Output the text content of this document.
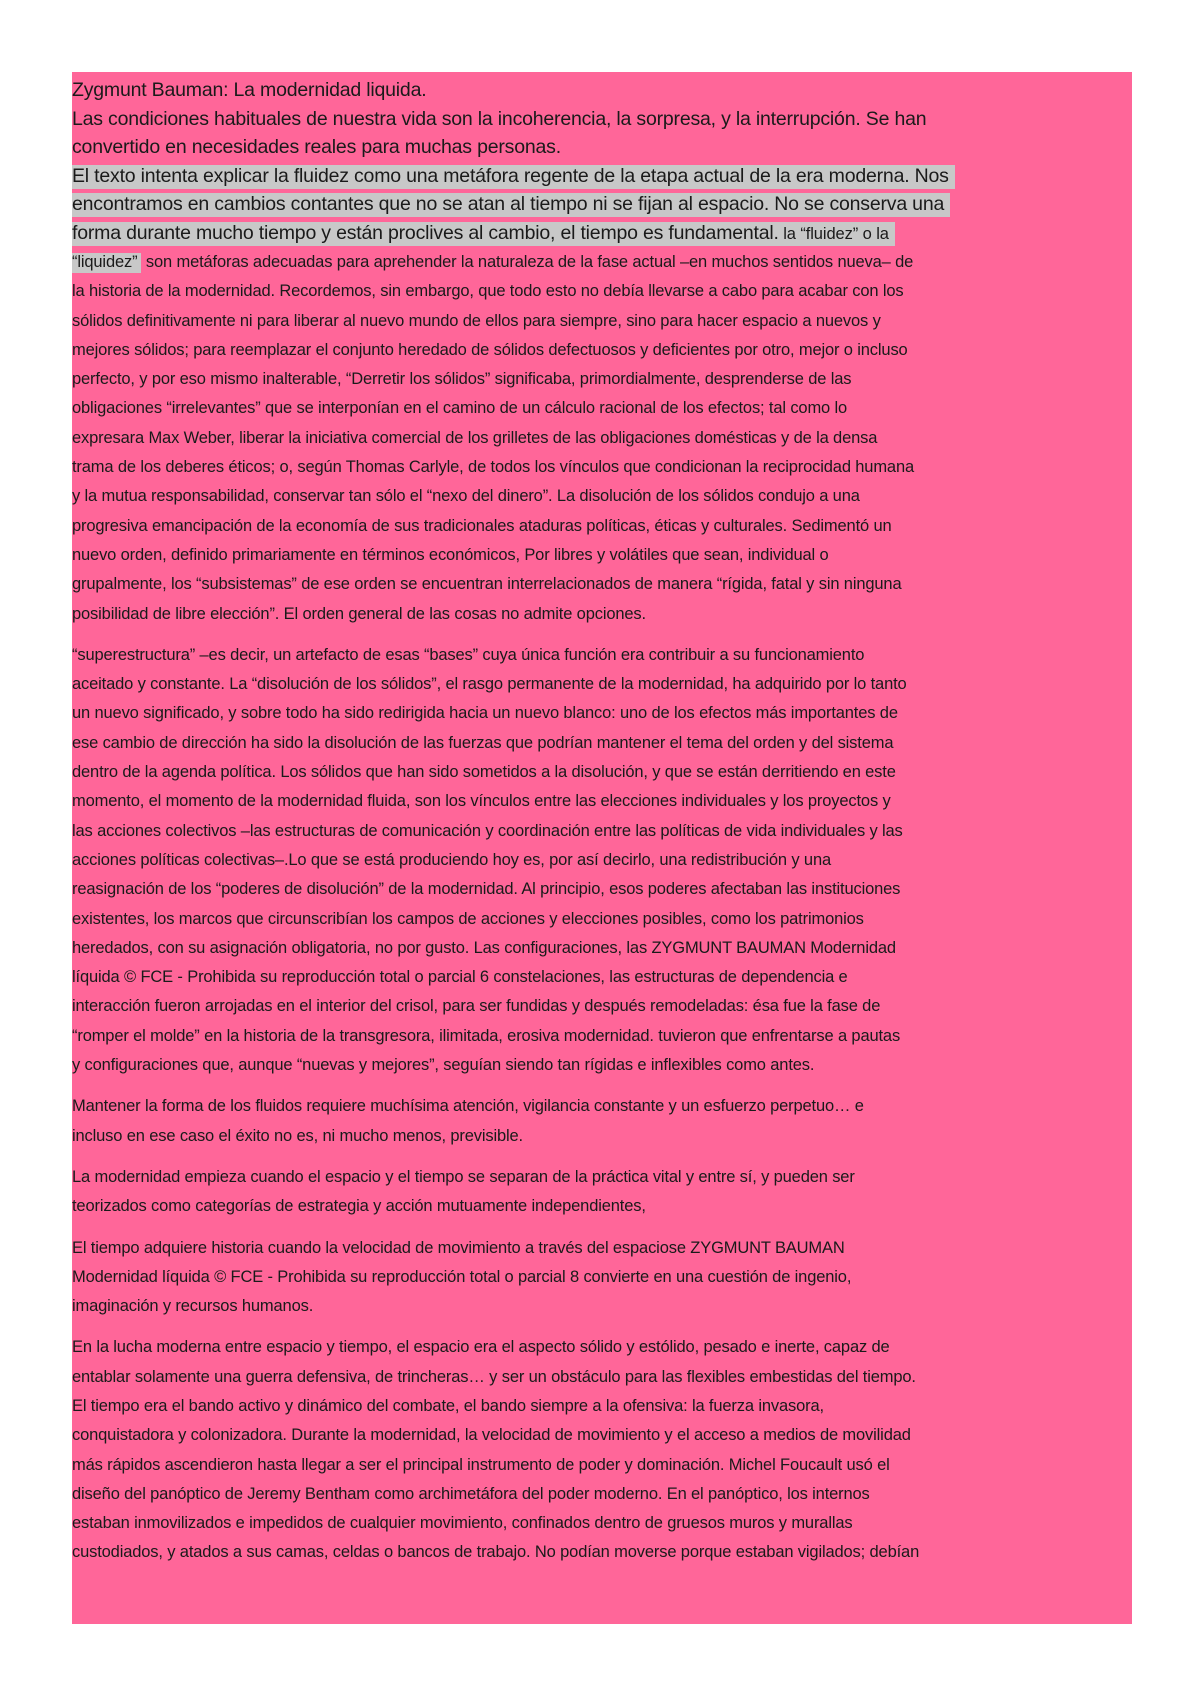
Zygmunt Bauman: La modernidad liquida.
Las condiciones habituales de nuestra vida son la incoherencia, la sorpresa, y la interrupción. Se han
convertido en necesidades reales para muchas personas.
El texto intenta explicar la fluidez como una metáfora regente de la etapa actual de la era moderna. Nos
encontramos en cambios contantes que no se atan al tiempo ni se fijan al espacio. No se conserva una
forma durante mucho tiempo y están proclives al cambio, el tiempo es fundamental. la “fluidez” o la
“liquidez” son metáforas adecuadas para aprehender la naturaleza de la fase actual –en muchos sentidos nueva– de
la historia de la modernidad. Recordemos, sin embargo, que todo esto no debía llevarse a cabo para acabar con los
sólidos definitivamente ni para liberar al nuevo mundo de ellos para siempre, sino para hacer espacio a nuevos y
mejores sólidos; para reemplazar el conjunto heredado de sólidos defectuosos y deficientes por otro, mejor o incluso
perfecto, y por eso mismo inalterable, “Derretir los sólidos” significaba, primordialmente, desprenderse de las
obligaciones “irrelevantes” que se interponían en el camino de un cálculo racional de los efectos; tal como lo
expresara Max Weber, liberar la iniciativa comercial de los grilletes de las obligaciones domésticas y de la densa
trama de los deberes éticos; o, según Thomas Carlyle, de todos los vínculos que condicionan la reciprocidad humana
y la mutua responsabilidad, conservar tan sólo el “nexo del dinero”. La disolución de los sólidos condujo a una
progresiva emancipación de la economía de sus tradicionales ataduras políticas, éticas y culturales. Sedimentó un
nuevo orden, definido primariamente en términos económicos, Por libres y volátiles que sean, individual o
grupalmente, los “subsistemas” de ese orden se encuentran interrelacionados de manera “rígida, fatal y sin ninguna
posibilidad de libre elección”. El orden general de las cosas no admite opciones.
“superestructura” –es decir, un artefacto de esas “bases” cuya única función era contribuir a su funcionamiento
aceitado y constante. La “disolución de los sólidos”, el rasgo permanente de la modernidad, ha adquirido por lo tanto
un nuevo significado, y sobre todo ha sido redirigida hacia un nuevo blanco: uno de los efectos más importantes de
ese cambio de dirección ha sido la disolución de las fuerzas que podrían mantener el tema del orden y del sistema
dentro de la agenda política. Los sólidos que han sido sometidos a la disolución, y que se están derritiendo en este
momento, el momento de la modernidad fluida, son los vínculos entre las elecciones individuales y los proyectos y
las acciones colectivos –las estructuras de comunicación y coordinación entre las políticas de vida individuales y las
acciones políticas colectivas–.Lo que se está produciendo hoy es, por así decirlo, una redistribución y una
reasignación de los “poderes de disolución” de la modernidad. Al principio, esos poderes afectaban las instituciones
existentes, los marcos que circunscribían los campos de acciones y elecciones posibles, como los patrimonios
heredados, con su asignación obligatoria, no por gusto. Las configuraciones, las ZYGMUNT BAUMAN Modernidad
líquida © FCE - Prohibida su reproducción total o parcial 6 constelaciones, las estructuras de dependencia e
interacción fueron arrojadas en el interior del crisol, para ser fundidas y después remodeladas: ésa fue la fase de
“romper el molde” en la historia de la transgresora, ilimitada, erosiva modernidad. tuvieron que enfrentarse a pautas
y configuraciones que, aunque “nuevas y mejores”, seguían siendo tan rígidas e inflexibles como antes.
Mantener la forma de los fluidos requiere muchísima atención, vigilancia constante y un esfuerzo perpetuo… e
incluso en ese caso el éxito no es, ni mucho menos, previsible.
La modernidad empieza cuando el espacio y el tiempo se separan de la práctica vital y entre sí, y pueden ser
teorizados como categorías de estrategia y acción mutuamente independientes,
El tiempo adquiere historia cuando la velocidad de movimiento a través del espaciose ZYGMUNT BAUMAN
Modernidad líquida © FCE - Prohibida su reproducción total o parcial 8 convierte en una cuestión de ingenio,
imaginación y recursos humanos.
En la lucha moderna entre espacio y tiempo, el espacio era el aspecto sólido y estólido, pesado e inerte, capaz de
entablar solamente una guerra defensiva, de trincheras… y ser un obstáculo para las flexibles embestidas del tiempo.
El tiempo era el bando activo y dinámico del combate, el bando siempre a la ofensiva: la fuerza invasora,
conquistadora y colonizadora. Durante la modernidad, la velocidad de movimiento y el acceso a medios de movilidad
más rápidos ascendieron hasta llegar a ser el principal instrumento de poder y dominación. Michel Foucault usó el
diseño del panóptico de Jeremy Bentham como archimetáfora del poder moderno. En el panóptico, los internos
estaban inmovilizados e impedidos de cualquier movimiento, confinados dentro de gruesos muros y murallas
custodiados, y atados a sus camas, celdas o bancos de trabajo. No podían moverse porque estaban vigilados; debían
